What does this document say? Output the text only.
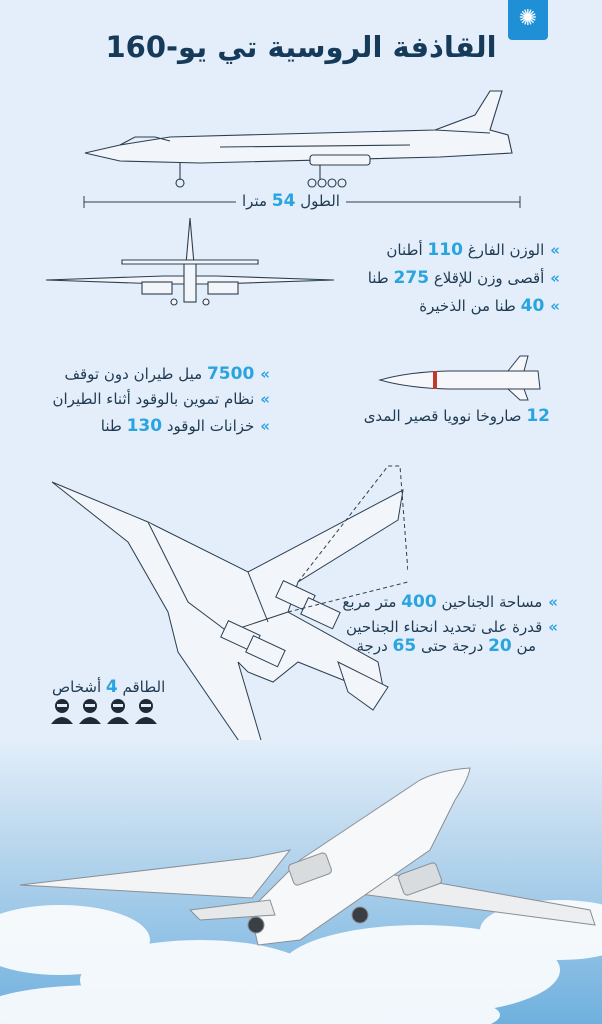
القاذفة الروسية تي يو-160
✺
الطول 54 مترا
»الوزن الفارغ 110 أطنان
»أقصى وزن للإقلاع 275 طنا
»40 طنا من الذخيرة
»7500 ميل طيران دون توقف
»نظام تموين بالوقود أثناء الطيران
»خزانات الوقود 130 طنا	12 صاروخا نوويا قصير المدى
»مساحة الجناحين 400 متر مربع
»قدرة على تحديد انحناء الجناحين
من 20 درجة حتى 65 درجة
الطاقم 4 أشخاص
